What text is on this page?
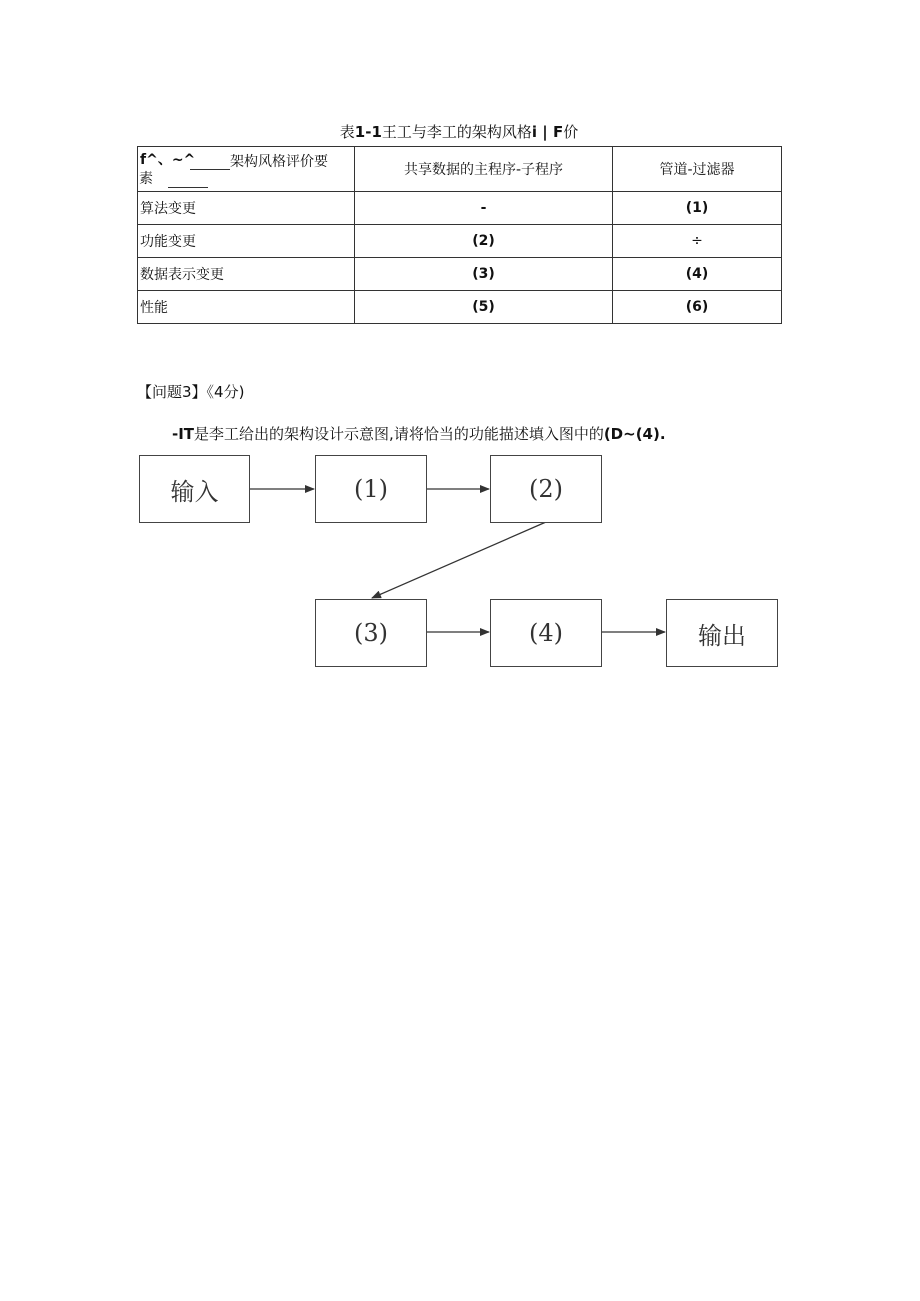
表1-1王工与李工的架构风格i | F价
f^、~^ 架构风格评价要
素	共享数据的主程序-子程序	管道-过滤器
算法变更	-	(1)
功能变更	(2)	÷
数据表示变更	(3)	(4)
性能	(5)	(6)
【问题3】《4分)
-IT是李工给出的架构设计示意图,请将恰当的功能描述填入图中的(D~(4).
输入	(1)	(2)
(3)	(4)	输出
